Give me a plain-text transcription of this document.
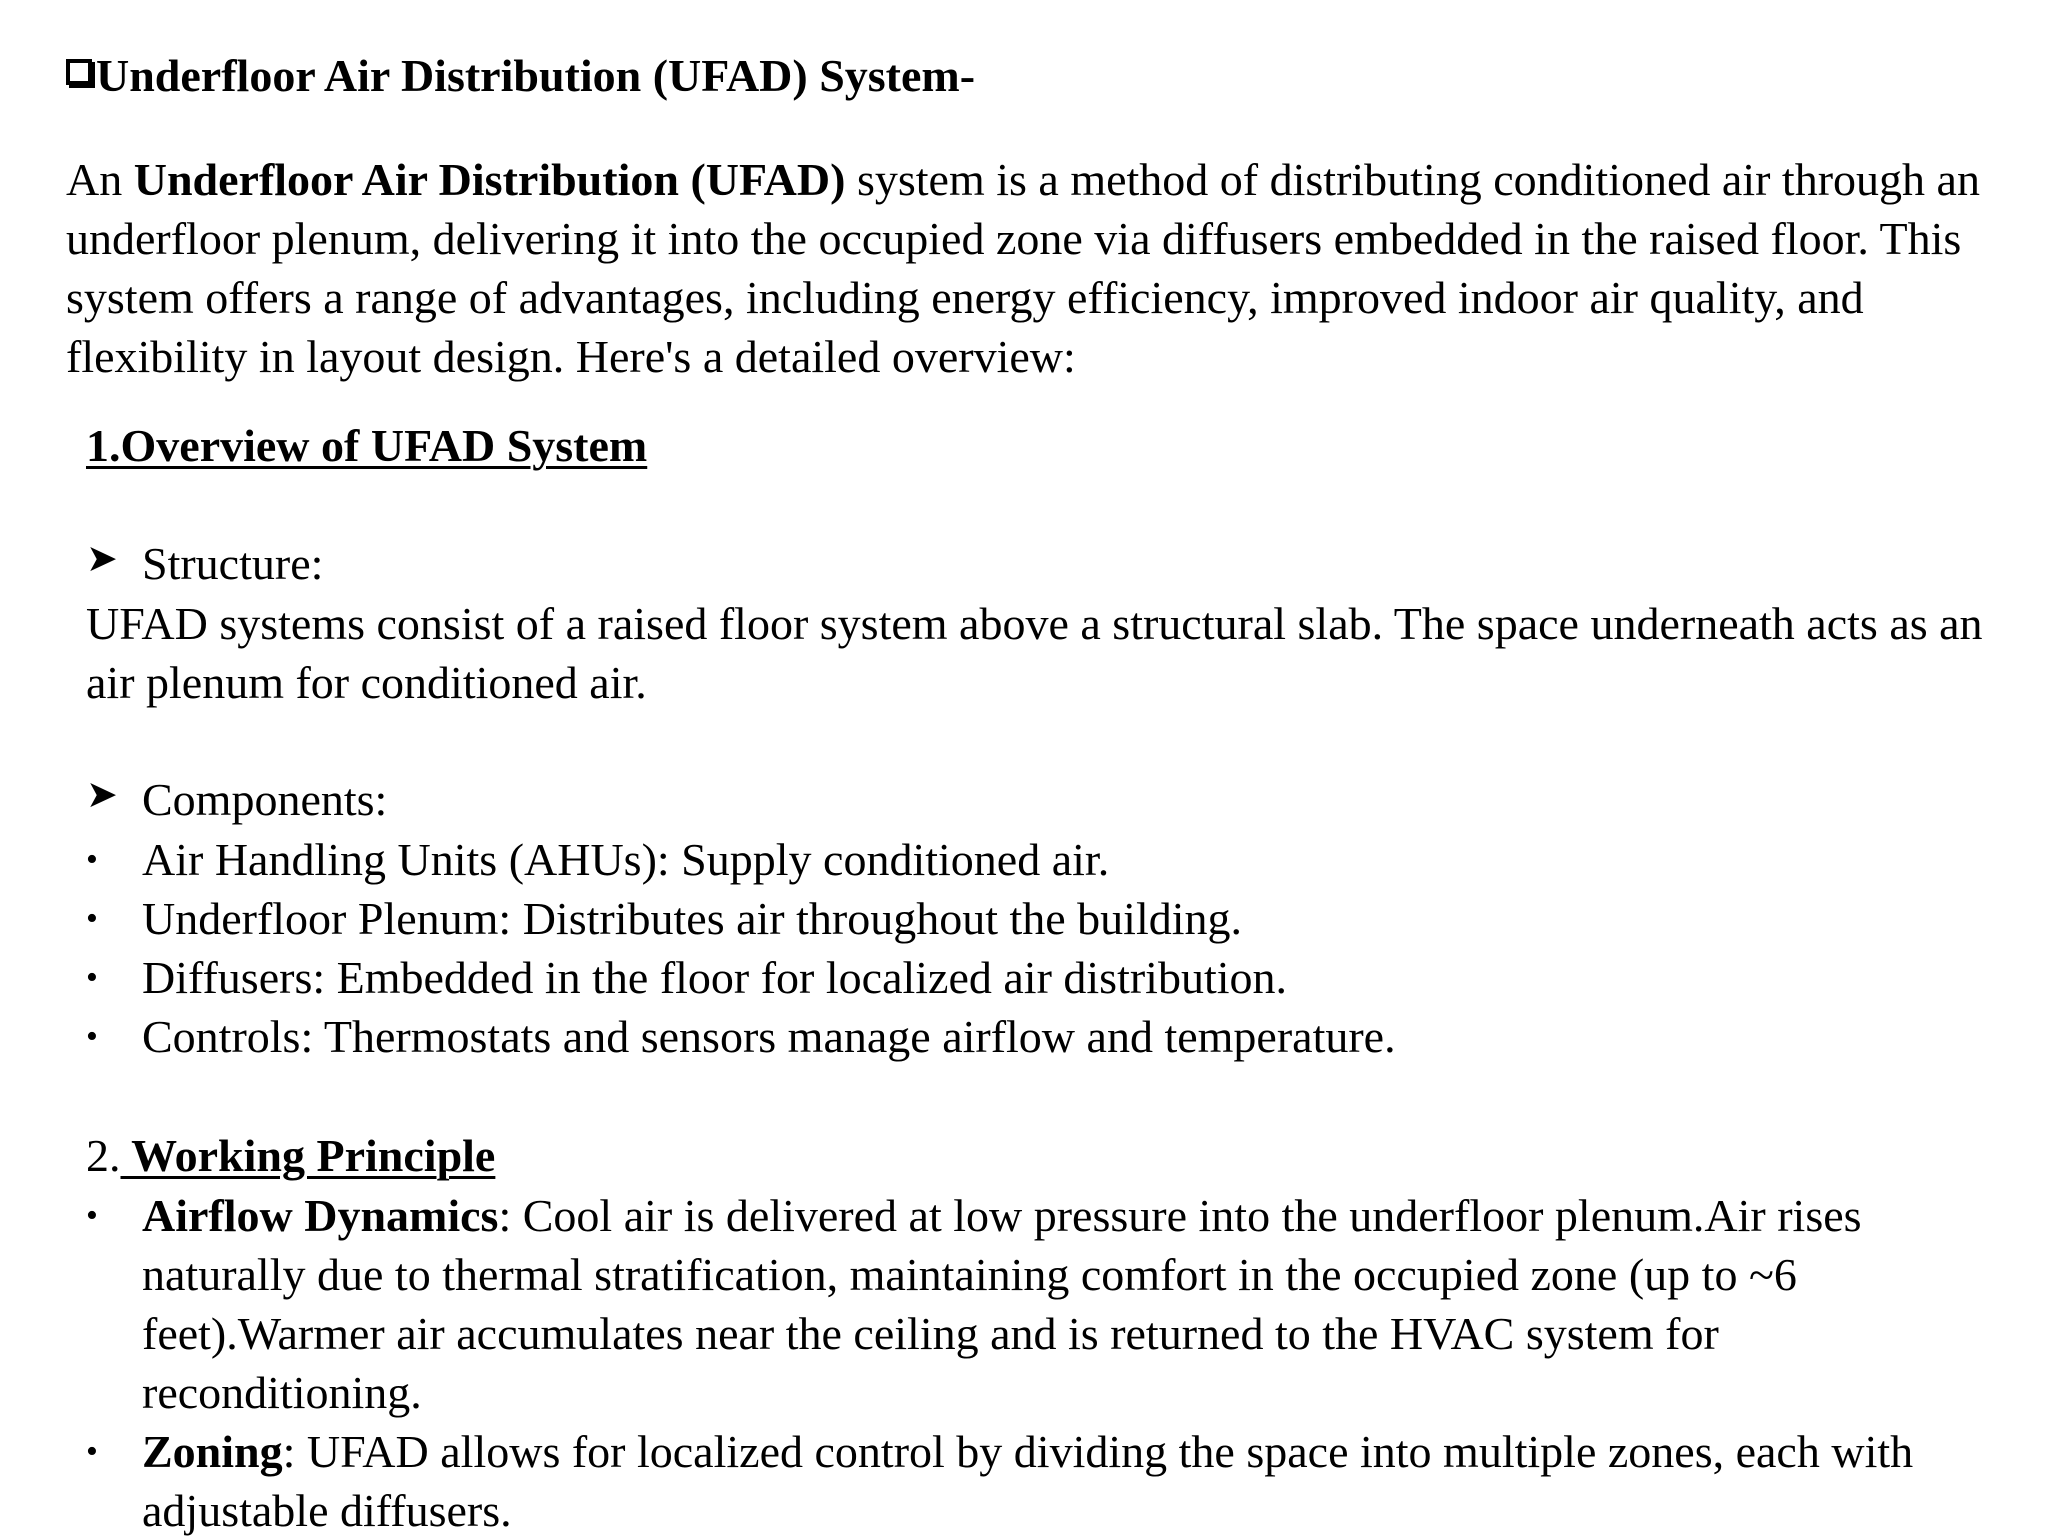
Underfloor Air Distribution (UFAD) System-
An Underfloor Air Distribution (UFAD) system is a method of distributing conditioned air through an underfloor plenum, delivering it into the occupied zone via diffusers embedded in the raised floor. This system offers a range of advantages, including energy efficiency, improved indoor air quality, and flexibility in layout design. Here's a detailed overview:
1.Overview of UFAD System
➤ Structure:
UFAD systems consist of a raised floor system above a structural slab. The space underneath acts as an air plenum for conditioned air.
➤ Components:
• Air Handling Units (AHUs): Supply conditioned air.
• Underfloor Plenum: Distributes air throughout the building.
• Diffusers: Embedded in the floor for localized air distribution.
• Controls: Thermostats and sensors manage airflow and temperature.
2. Working Principle
• Airflow Dynamics: Cool air is delivered at low pressure into the underfloor plenum.Air rises naturally due to thermal stratification, maintaining comfort in the occupied zone (up to ~6 feet).Warmer air accumulates near the ceiling and is returned to the HVAC system for reconditioning.
• Zoning: UFAD allows for localized control by dividing the space into multiple zones, each with adjustable diffusers.
